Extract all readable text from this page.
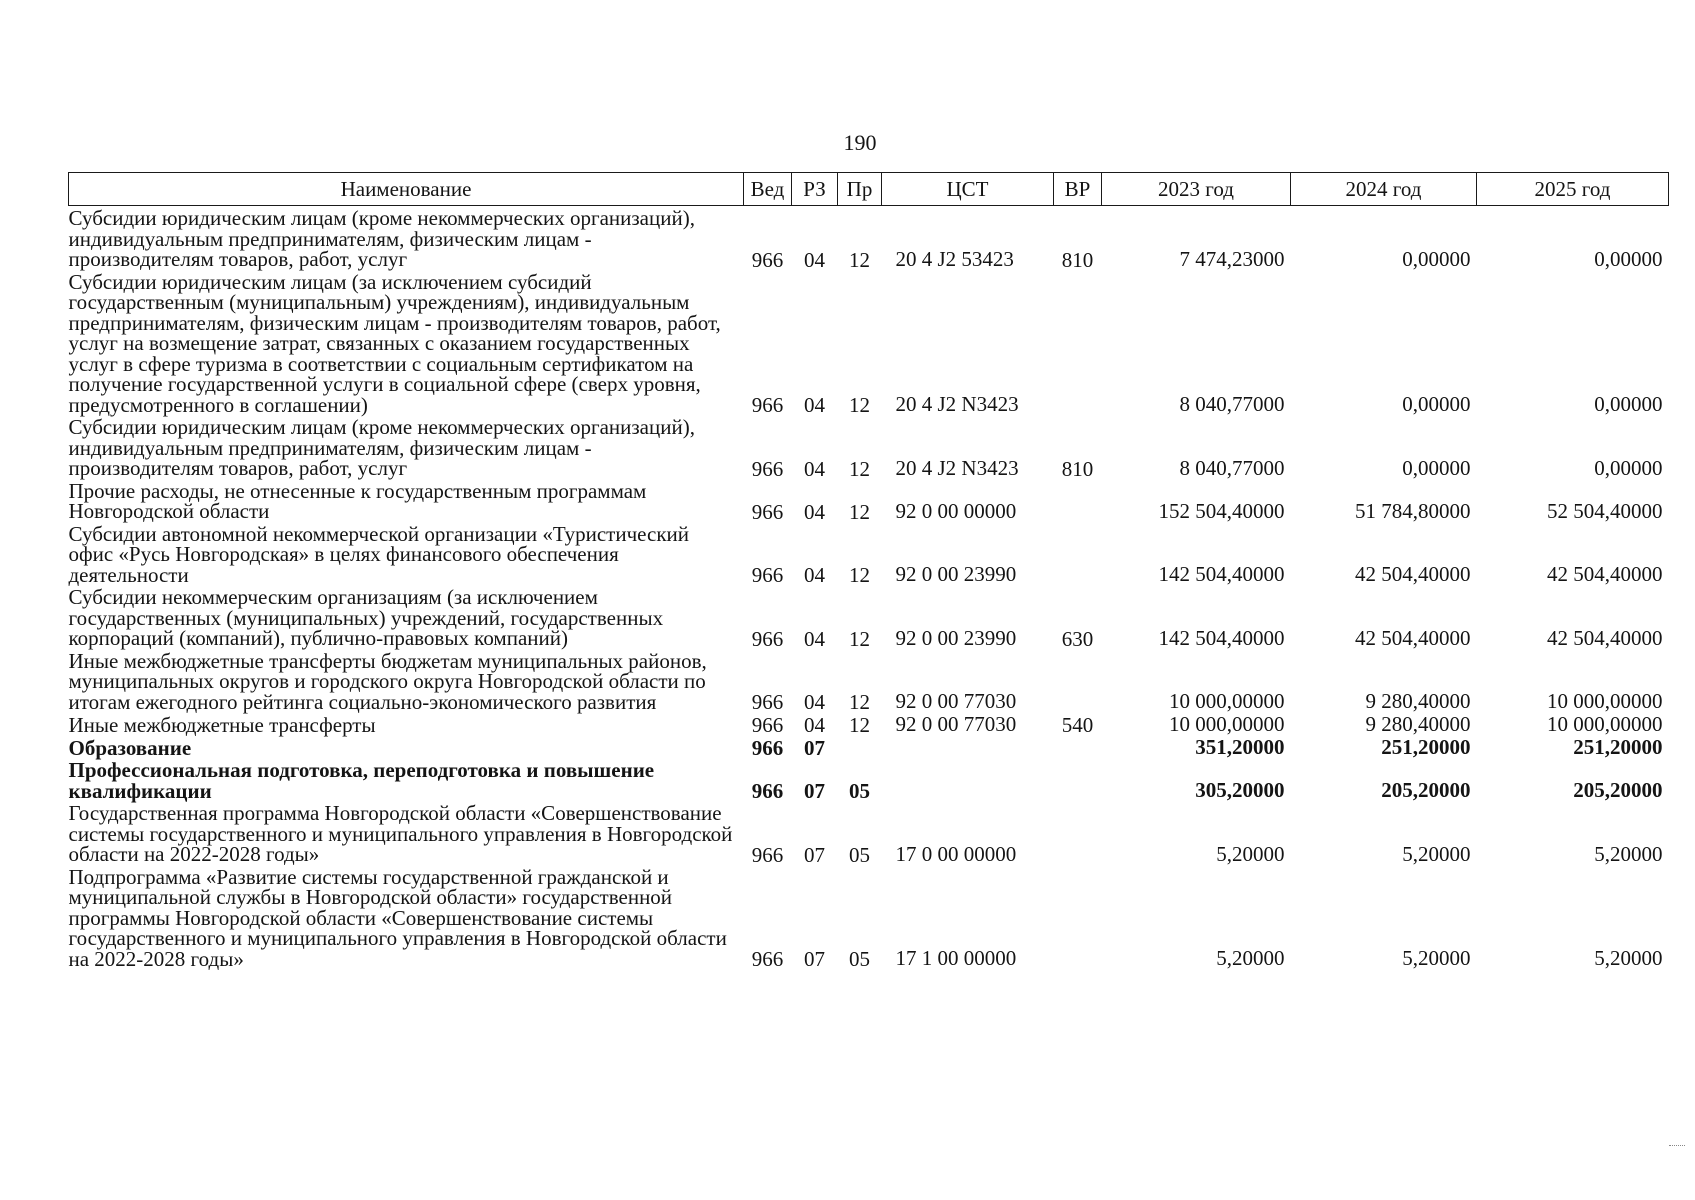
190
Наименование	Вед	РЗ	Пр	ЦСТ	ВР	2023 год	2024 год	2025 год
Субсидии юридическим лицам (кроме некоммерческих организаций), индивидуальным предпринимателям, физическим лицам - производителям товаров, работ, услуг	966	04	12	20 4 J2 53423	810	7 474,23000	0,00000	0,00000
Субсидии юридическим лицам (за исключением субсидий государственным (муниципальным) учреждениям), индивидуальным предпринимателям, физическим лицам - производителям товаров, работ, услуг на возмещение затрат, связанных с оказанием государственных услуг в сфере туризма в соответствии с социальным сертификатом на получение государственной услуги в социальной сфере (сверх уровня, предусмотренного в соглашении)	966	04	12	20 4 J2 N3423		8 040,77000	0,00000	0,00000
Субсидии юридическим лицам (кроме некоммерческих организаций), индивидуальным предпринимателям, физическим лицам - производителям товаров, работ, услуг	966	04	12	20 4 J2 N3423	810	8 040,77000	0,00000	0,00000
Прочие расходы, не отнесенные к государственным программам Новгородской области	966	04	12	92 0 00 00000		152 504,40000	51 784,80000	52 504,40000
Субсидии автономной некоммерческой организации «Туристический офис «Русь Новгородская» в целях финансового обеспечения деятельности	966	04	12	92 0 00 23990		142 504,40000	42 504,40000	42 504,40000
Субсидии некоммерческим организациям (за исключением государственных (муниципальных) учреждений, государственных корпораций (компаний), публично-правовых компаний)	966	04	12	92 0 00 23990	630	142 504,40000	42 504,40000	42 504,40000
Иные межбюджетные трансферты бюджетам муниципальных районов, муниципальных округов и городского округа Новгородской области по итогам ежегодного рейтинга социально-экономического развития	966	04	12	92 0 00 77030		10 000,00000	9 280,40000	10 000,00000
Иные межбюджетные трансферты	966	04	12	92 0 00 77030	540	10 000,00000	9 280,40000	10 000,00000
Образование	966	07				351,20000	251,20000	251,20000
Профессиональная подготовка, переподготовка и повышение квалификации	966	07	05			305,20000	205,20000	205,20000
Государственная программа Новгородской области «Совершенствование системы государственного и муниципального управления в Новгородской области на 2022-2028 годы»	966	07	05	17 0 00 00000		5,20000	5,20000	5,20000
Подпрограмма «Развитие системы государственной гражданской и муниципальной службы в Новгородской области» государственной программы Новгородской области «Совершенствование системы государственного и муниципального управления в Новгородской области на 2022-2028 годы»	966	07	05	17 1 00 00000		5,20000	5,20000	5,20000
